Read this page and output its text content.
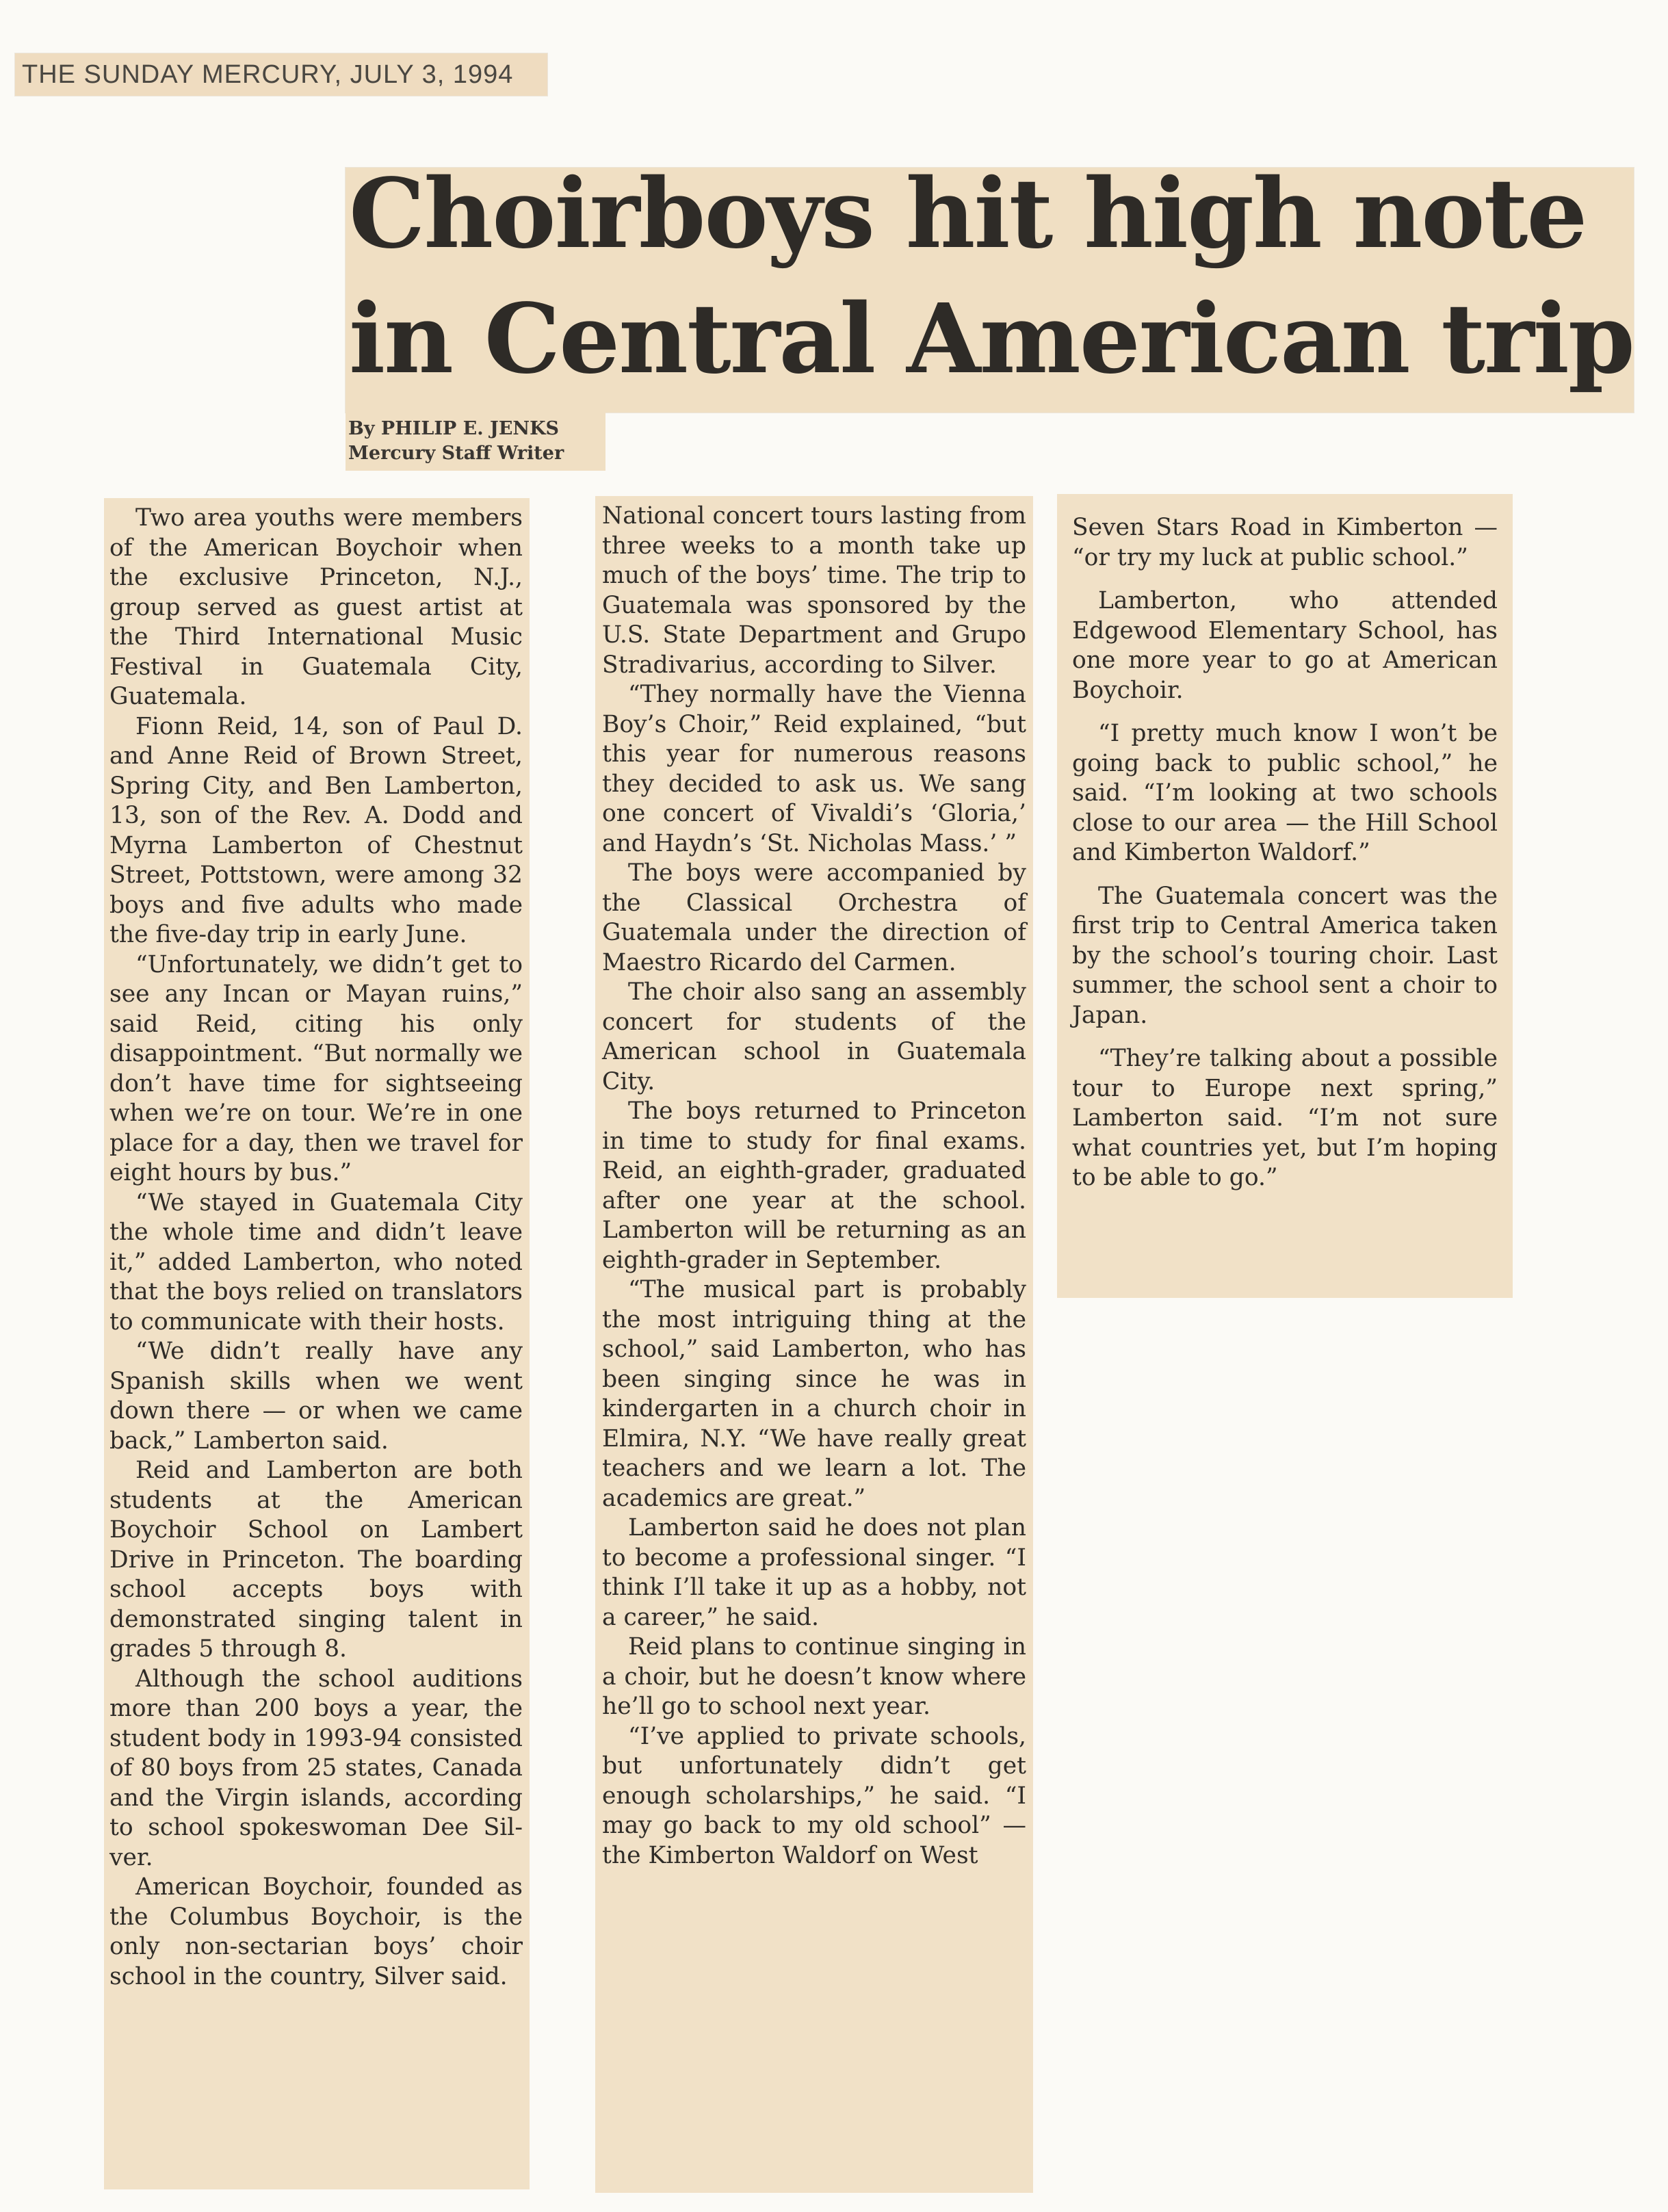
THE SUNDAY MERCURY, JULY 3, 1994
Choirboys hit high note
in Central American trip
By PHILIP E. JENKS
Mercury Staff Writer

Two area youths were members of the American Boychoir when the exclusive Princeton, N.J., group served as guest artist at the Third International Music Festival in Guatemala City, Guatemala.

Fionn Reid, 14, son of Paul D. and Anne Reid of Brown Street, Spring City, and Ben Lamberton, 13, son of the Rev. A. Dodd and Myrna Lamberton of Chestnut Street, Pottstown, were among 32 boys and five adults who made the five-day trip in early June.

“Unfortunately, we didn’t get to see any Incan or Mayan ruins,” said Reid, citing his only disappointment. “But normally we don’t have time for sightseeing when we’re on tour. We’re in one place for a day, then we travel for eight hours by bus.”

“We stayed in Guatemala City the whole time and didn’t leave it,” added Lamberton, who noted that the boys relied on translators to communicate with their hosts.

“We didn’t really have any Spanish skills when we went down there — or when we came back,” Lamberton said.

Reid and Lamberton are both students at the American Boychoir School on Lambert Drive in Princeton. The boarding school accepts boys with demonstrated singing talent in grades 5 through 8.

Although the school auditions more than 200 boys a year, the student body in 1993-94 consisted of 80 boys from 25 states, Canada and the Virgin islands, according to school spokeswoman Dee Silver.

American Boychoir, founded as the Columbus Boychoir, is the only non-sectarian boys’ choir school in the country, Silver said.

National concert tours lasting from three weeks to a month take up much of the boys’ time. The trip to Guatemala was sponsored by the U.S. State Department and Grupo Stradivarius, according to Silver.

“They normally have the Vienna Boy’s Choir,” Reid explained, “but this year for numerous reasons they decided to ask us. We sang one concert of Vivaldi’s ‘Gloria,’ and Haydn’s ‘St. Nicholas Mass.’ ”

The boys were accompanied by the Classical Orchestra of Guatemala under the direction of Maestro Ricardo del Carmen.

The choir also sang an assembly concert for students of the American school in Guatemala City.

The boys returned to Princeton in time to study for final exams. Reid, an eighth-grader, graduated after one year at the school. Lamberton will be returning as an eighth-grader in September.

“The musical part is probably the most intriguing thing at the school,” said Lamberton, who has been singing since he was in kindergarten in a church choir in Elmira, N.Y. “We have really great teachers and we learn a lot. The academics are great.”

Lamberton said he does not plan to become a professional singer. “I think I’ll take it up as a hobby, not a career,” he said.

Reid plans to continue singing in a choir, but he doesn’t know where he’ll go to school next year.

“I’ve applied to private schools, but unfortunately didn’t get enough scholarships,” he said. “I may go back to my old school” — the Kimberton Waldorf on West

Seven Stars Road in Kimberton — “or try my luck at public school.”

Lamberton, who attended Edgewood Elementary School, has one more year to go at American Boychoir.

“I pretty much know I won’t be going back to public school,” he said. “I’m looking at two schools close to our area — the Hill School and Kimberton Waldorf.”

The Guatemala concert was the first trip to Central America taken by the school’s touring choir. Last summer, the school sent a choir to Japan.

“They’re talking about a possible tour to Europe next spring,” Lamberton said. “I’m not sure what countries yet, but I’m hoping to be able to go.”
